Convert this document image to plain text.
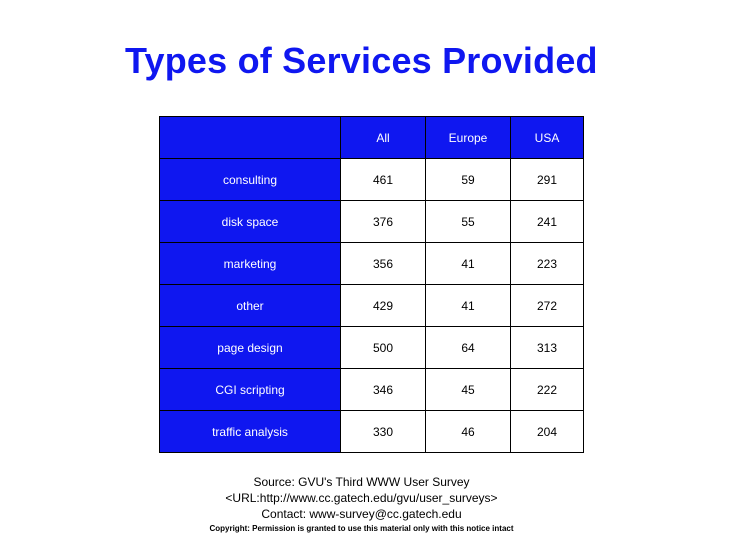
Types of Services Provided
	All	Europe	USA
consulting	461	59	291
disk space	376	55	241
marketing	356	41	223
other	429	41	272
page design	500	64	313
CGI scripting	346	45	222
traffic analysis	330	46	204
Source: GVU's Third WWW User Survey
<URL:http://www.cc.gatech.edu/gvu/user_surveys>
Contact: www-survey@cc.gatech.edu
Copyright: Permission is granted to use this material only with this notice intact
